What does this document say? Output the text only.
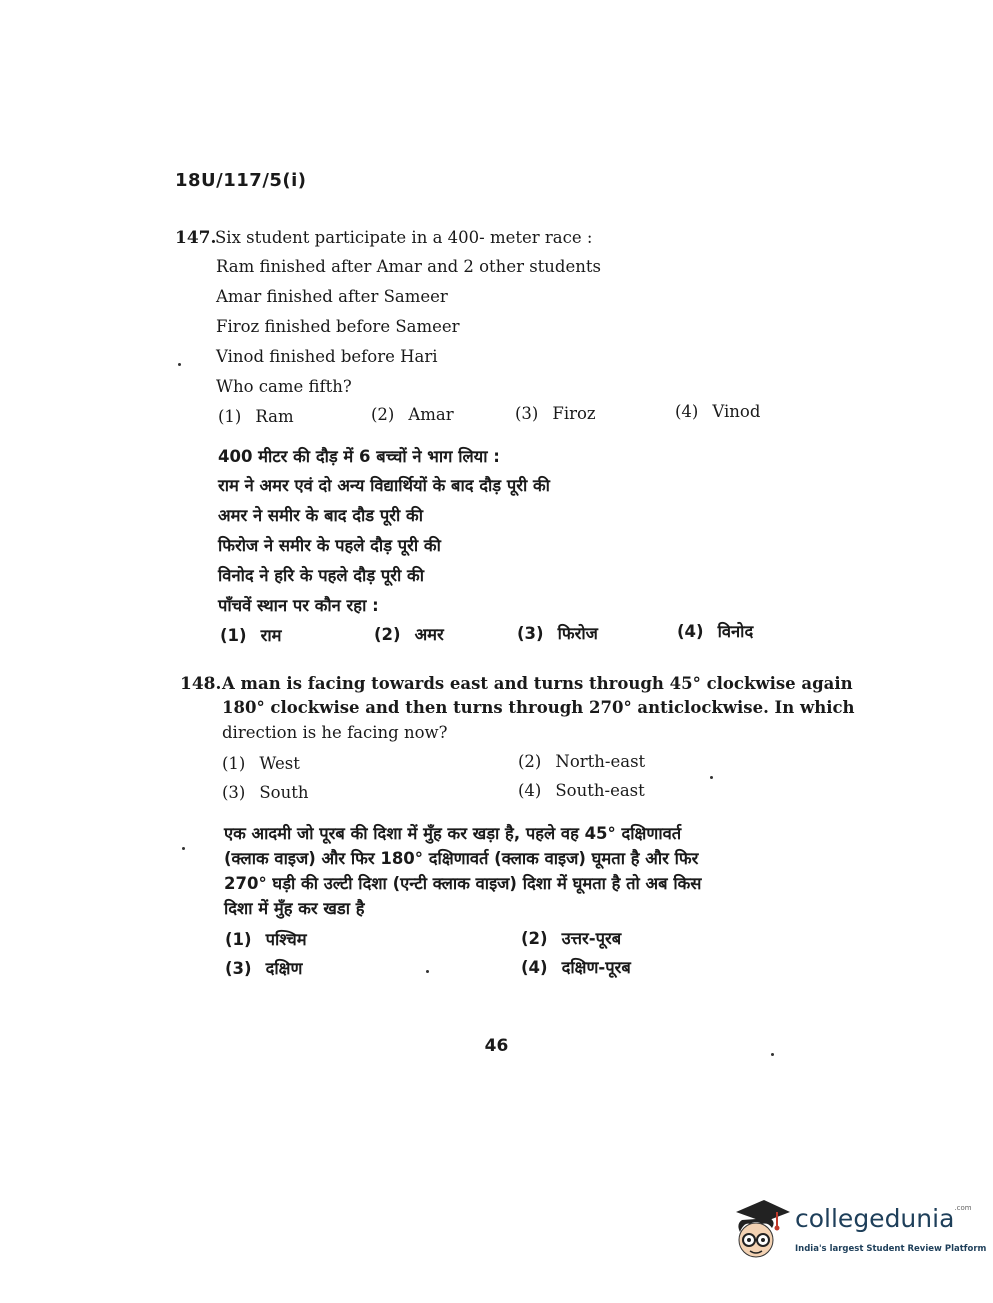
18U/117/5(i)
147.
Six student participate in a 400- meter race :
Ram finished after Amar and 2 other students
Amar finished after Sameer
Firoz finished before Sameer
Vinod finished before Hari
Who came fifth?
(1) Ram	(2) Amar	(3) Firoz	(4) Vinod
400 मीटर की दौड़ में 6 बच्चों ने भाग लिया :
राम ने अमर एवं दो अन्य विद्यार्थियों के बाद दौड़ पूरी की
अमर ने समीर के बाद दौड पूरी की
फिरोज ने समीर के पहले दौड़ पूरी की
विनोद ने हरि के पहले दौड़ पूरी की
पाँचवें स्थान पर कौन रहा :
(1) राम	(2) अमर	(3) फिरोज	(4) विनोद
148. A man is facing towards east and turns through 45° clockwise again
180° clockwise and then turns through 270° anticlockwise. In which
direction is he facing now?
(1) West	(2) North-east
(3) South	(4) South-east
एक आदमी जो पूरब की दिशा में मुँह कर खड़ा है, पहले वह 45° दक्षिणावर्त
(क्लाक वाइज) और फिर 180° दक्षिणावर्त (क्लाक वाइज) घूमता है और फिर
270° घड़ी की उल्टी दिशा (एन्टी क्लाक वाइज) दिशा में घूमता है तो अब किस
दिशा में मुँह कर खडा है
(1) पश्चिम	(2) उत्तर-पूरब
(3) दक्षिण	(4) दक्षिण-पूरब
46
collegedunia$^{.com}$
India's largest Student Review Platform
